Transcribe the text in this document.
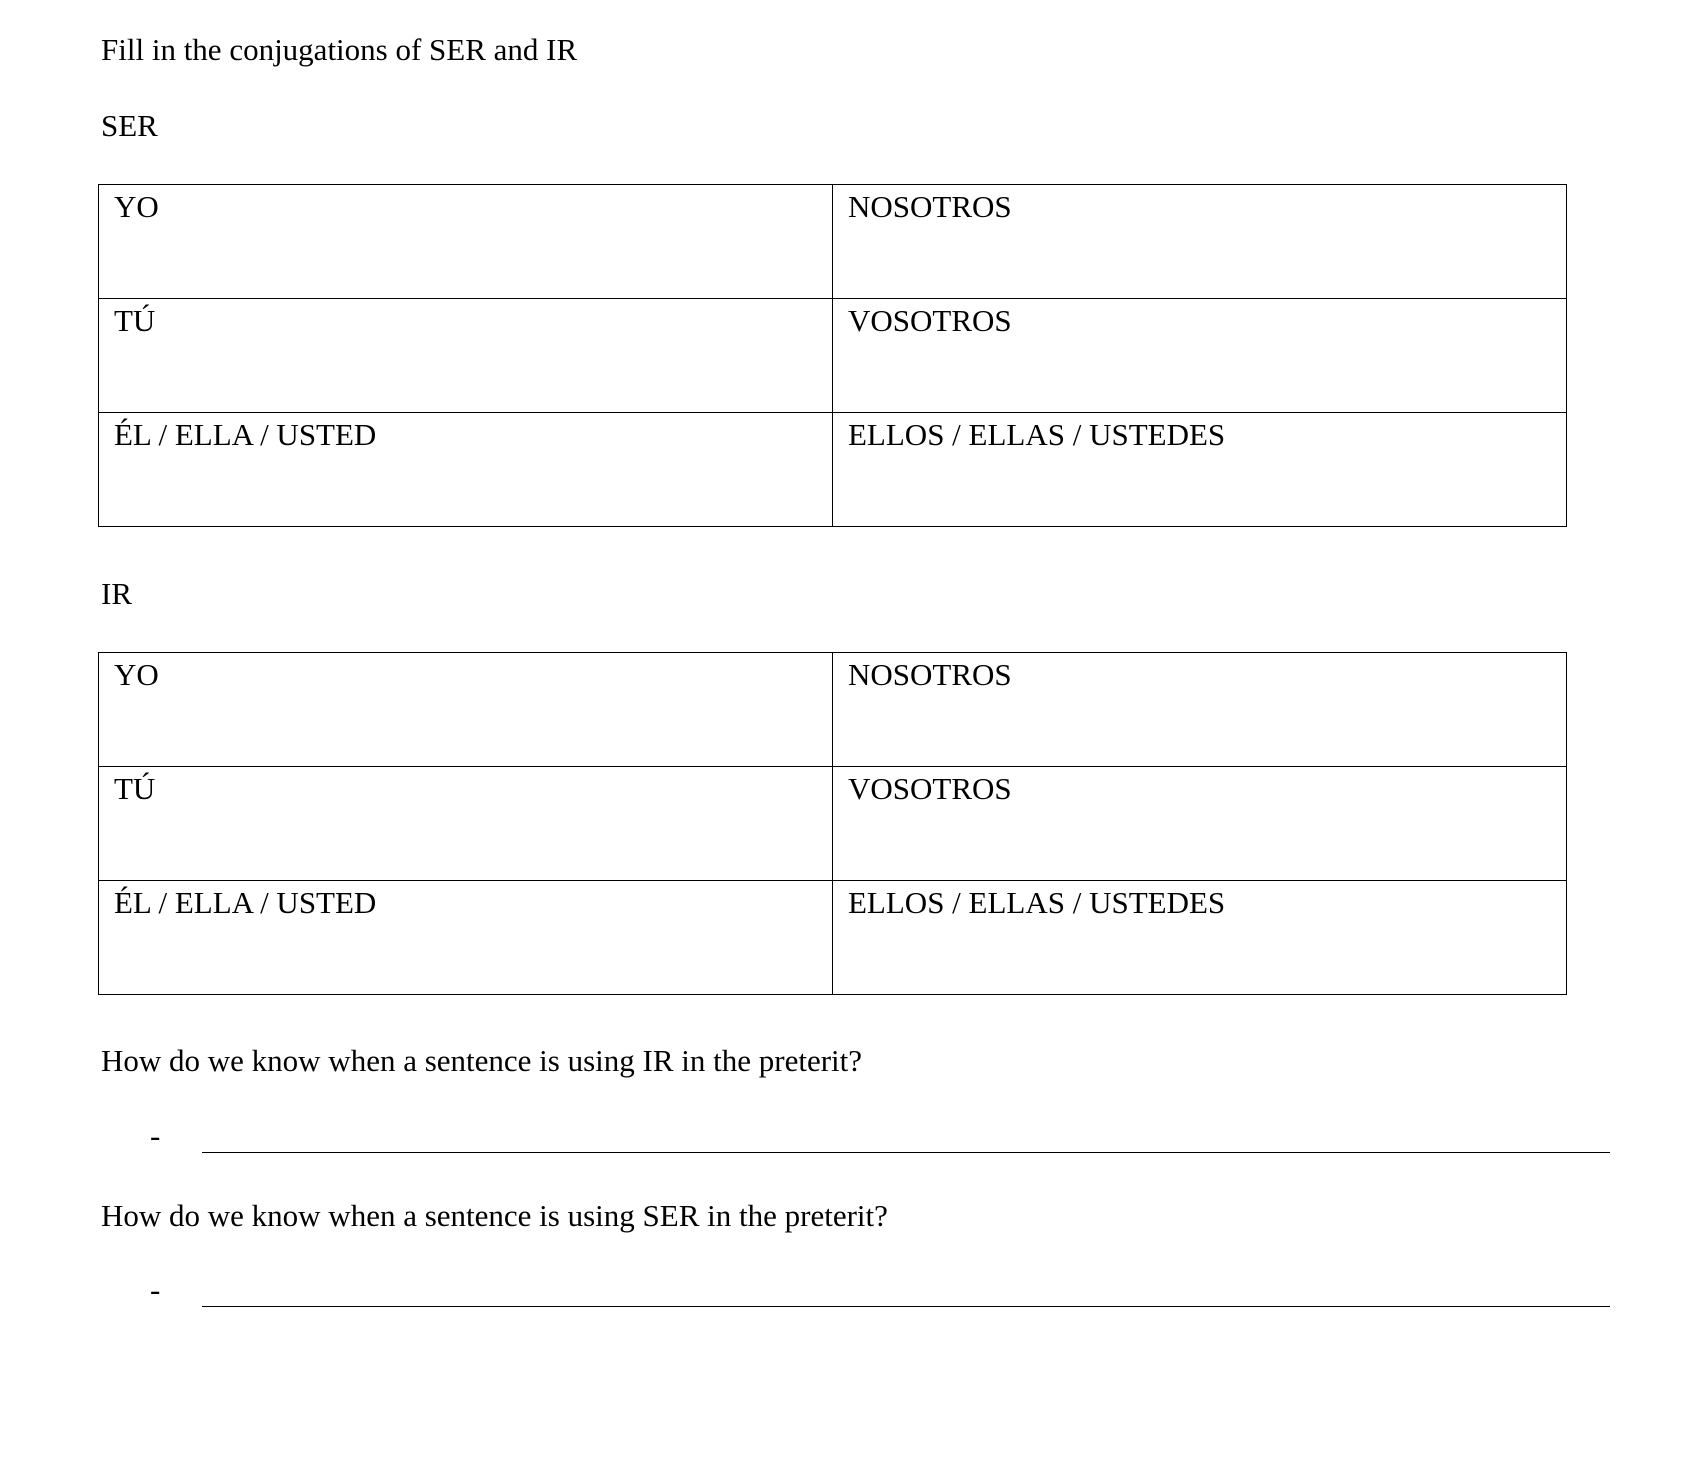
Fill in the conjugations of SER and IR
SER
YO	NOSOTROS

TÚ	VOSOTROS

ÉL / ELLA / USTED	ELLOS / ELLAS / USTEDES
IR
YO	NOSOTROS

TÚ	VOSOTROS

ÉL / ELLA / USTED	ELLOS / ELLAS / USTEDES
How do we know when a sentence is using IR in the preterit?
-
How do we know when a sentence is using SER in the preterit?
-
